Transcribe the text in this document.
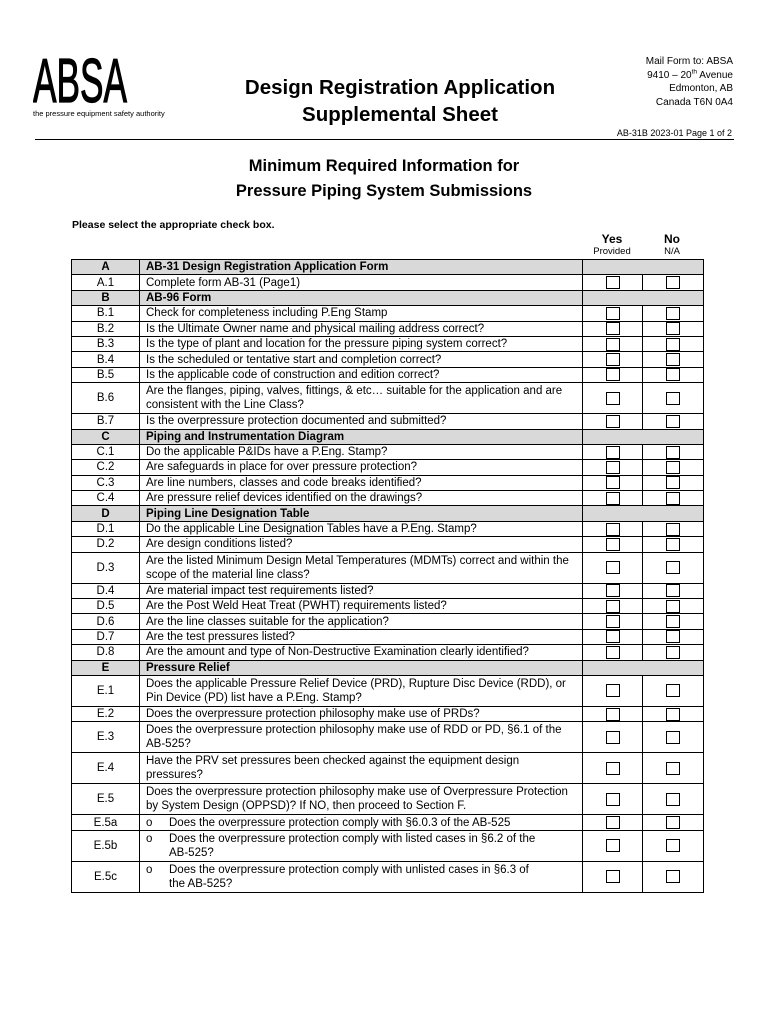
ABSA
the pressure equipment safety authority
Design Registration Application
Supplemental Sheet
Mail Form to: ABSA
9410 – 20th Avenue
Edmonton, AB
Canada T6N 0A4
AB-31B 2023-01 Page 1 of 2
Minimum Required Information for
Pressure Piping System Submissions
Please select the appropriate check box.
Yes
Provided
No
N/A
A	AB-31 Design Registration Application Form		
A.1	Complete form AB-31 (Page1)		
B	AB-96 Form		
B.1	Check for completeness including P.Eng Stamp		
B.2	Is the Ultimate Owner name and physical mailing address correct?		
B.3	Is the type of plant and location for the pressure piping system correct?		
B.4	Is the scheduled or tentative start and completion correct?		
B.5	Is the applicable code of construction and edition correct?		
B.6	Are the flanges, piping, valves, fittings, & etc… suitable for the application and are consistent with the Line Class?		
B.7	Is the overpressure protection documented and submitted?		
C	Piping and Instrumentation Diagram		
C.1	Do the applicable P&IDs have a P.Eng. Stamp?		
C.2	Are safeguards in place for over pressure protection?		
C.3	Are line numbers, classes and code breaks identified?		
C.4	Are pressure relief devices identified on the drawings?		
D	Piping Line Designation Table		
D.1	Do the applicable Line Designation Tables have a P.Eng. Stamp?		
D.2	Are design conditions listed?		
D.3	Are the listed Minimum Design Metal Temperatures (MDMTs) correct and within the scope of the material line class?		
D.4	Are material impact test requirements listed?		
D.5	Are the Post Weld Heat Treat (PWHT) requirements listed?		
D.6	Are the line classes suitable for the application?		
D.7	Are the test pressures listed?		
D.8	Are the amount and type of Non-Destructive Examination clearly identified?		
E	Pressure Relief		
E.1	Does the applicable Pressure Relief Device (PRD), Rupture Disc Device (RDD), or Pin Device (PD) list have a P.Eng. Stamp?		
E.2	Does the overpressure protection philosophy make use of PRDs?		
E.3	Does the overpressure protection philosophy make use of RDD or PD, §6.1 of the AB-525?		
E.4	Have the PRV set pressures been checked against the equipment design pressures?		
E.5	Does the overpressure protection philosophy make use of Overpressure Protection by System Design (OPPSD)? If NO, then proceed to Section F.		
E.5a	o Does the overpressure protection comply with §6.0.3 of the AB-525		
E.5b	o Does the overpressure protection comply with listed cases in §6.2 of the
AB-525?		

E.5c	o Does the overpressure protection comply with unlisted cases in §6.3 of
the AB-525?		
